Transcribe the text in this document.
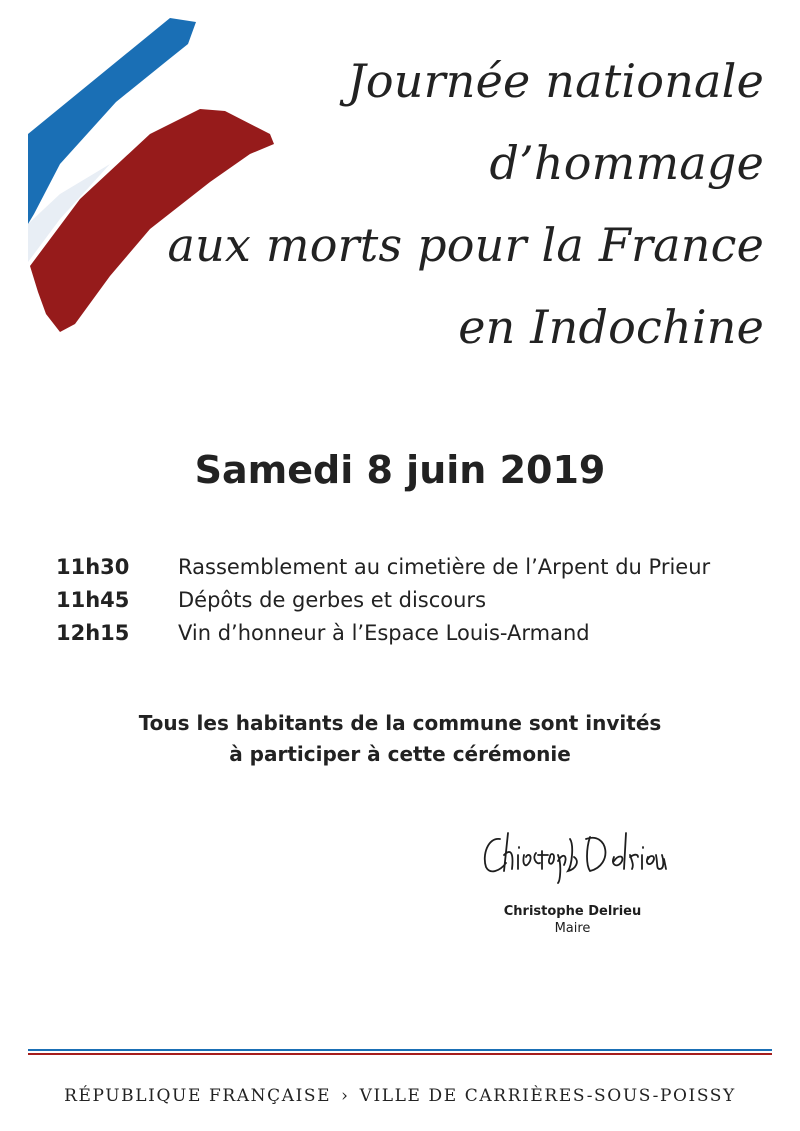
Journée nationale
d’hommage
aux morts pour la France
en Indochine
Samedi 8 juin 2019
11h30	Rassemblement au cimetière de l’Arpent du Prieur
11h45	Dépôts de gerbes et discours
12h15	Vin d’honneur à l’Espace Louis-Armand
Tous les habitants de la commune sont invités
à participer à cette cérémonie
Christophe Delrieu
Maire
RÉPUBLIQUE FRANÇAISE › VILLE DE CARRIÈRES-SOUS-POISSY
